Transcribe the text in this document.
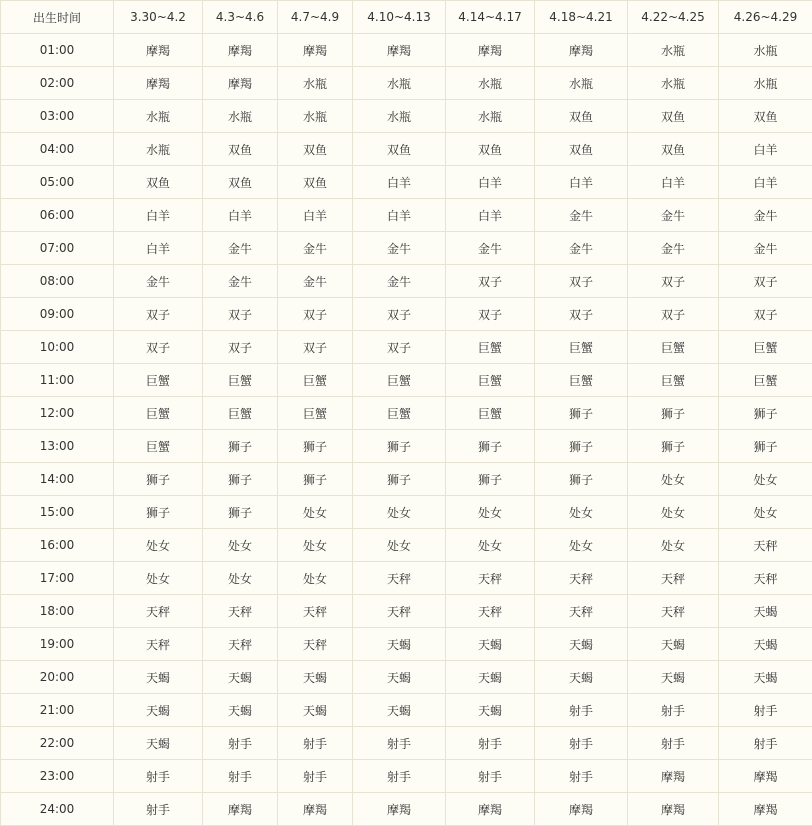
出生时间	3.30~4.2	4.3~4.6	4.7~4.9	4.10~4.13	4.14~4.17	4.18~4.21	4.22~4.25	4.26~4.29
01:00	摩羯	摩羯	摩羯	摩羯	摩羯	摩羯	水瓶	水瓶
02:00	摩羯	摩羯	水瓶	水瓶	水瓶	水瓶	水瓶	水瓶
03:00	水瓶	水瓶	水瓶	水瓶	水瓶	双鱼	双鱼	双鱼
04:00	水瓶	双鱼	双鱼	双鱼	双鱼	双鱼	双鱼	白羊
05:00	双鱼	双鱼	双鱼	白羊	白羊	白羊	白羊	白羊
06:00	白羊	白羊	白羊	白羊	白羊	金牛	金牛	金牛
07:00	白羊	金牛	金牛	金牛	金牛	金牛	金牛	金牛
08:00	金牛	金牛	金牛	金牛	双子	双子	双子	双子
09:00	双子	双子	双子	双子	双子	双子	双子	双子
10:00	双子	双子	双子	双子	巨蟹	巨蟹	巨蟹	巨蟹
11:00	巨蟹	巨蟹	巨蟹	巨蟹	巨蟹	巨蟹	巨蟹	巨蟹
12:00	巨蟹	巨蟹	巨蟹	巨蟹	巨蟹	狮子	狮子	狮子
13:00	巨蟹	狮子	狮子	狮子	狮子	狮子	狮子	狮子
14:00	狮子	狮子	狮子	狮子	狮子	狮子	处女	处女
15:00	狮子	狮子	处女	处女	处女	处女	处女	处女
16:00	处女	处女	处女	处女	处女	处女	处女	天秤
17:00	处女	处女	处女	天秤	天秤	天秤	天秤	天秤
18:00	天秤	天秤	天秤	天秤	天秤	天秤	天秤	天蝎
19:00	天秤	天秤	天秤	天蝎	天蝎	天蝎	天蝎	天蝎
20:00	天蝎	天蝎	天蝎	天蝎	天蝎	天蝎	天蝎	天蝎
21:00	天蝎	天蝎	天蝎	天蝎	天蝎	射手	射手	射手
22:00	天蝎	射手	射手	射手	射手	射手	射手	射手
23:00	射手	射手	射手	射手	射手	射手	摩羯	摩羯
24:00	射手	摩羯	摩羯	摩羯	摩羯	摩羯	摩羯	摩羯
